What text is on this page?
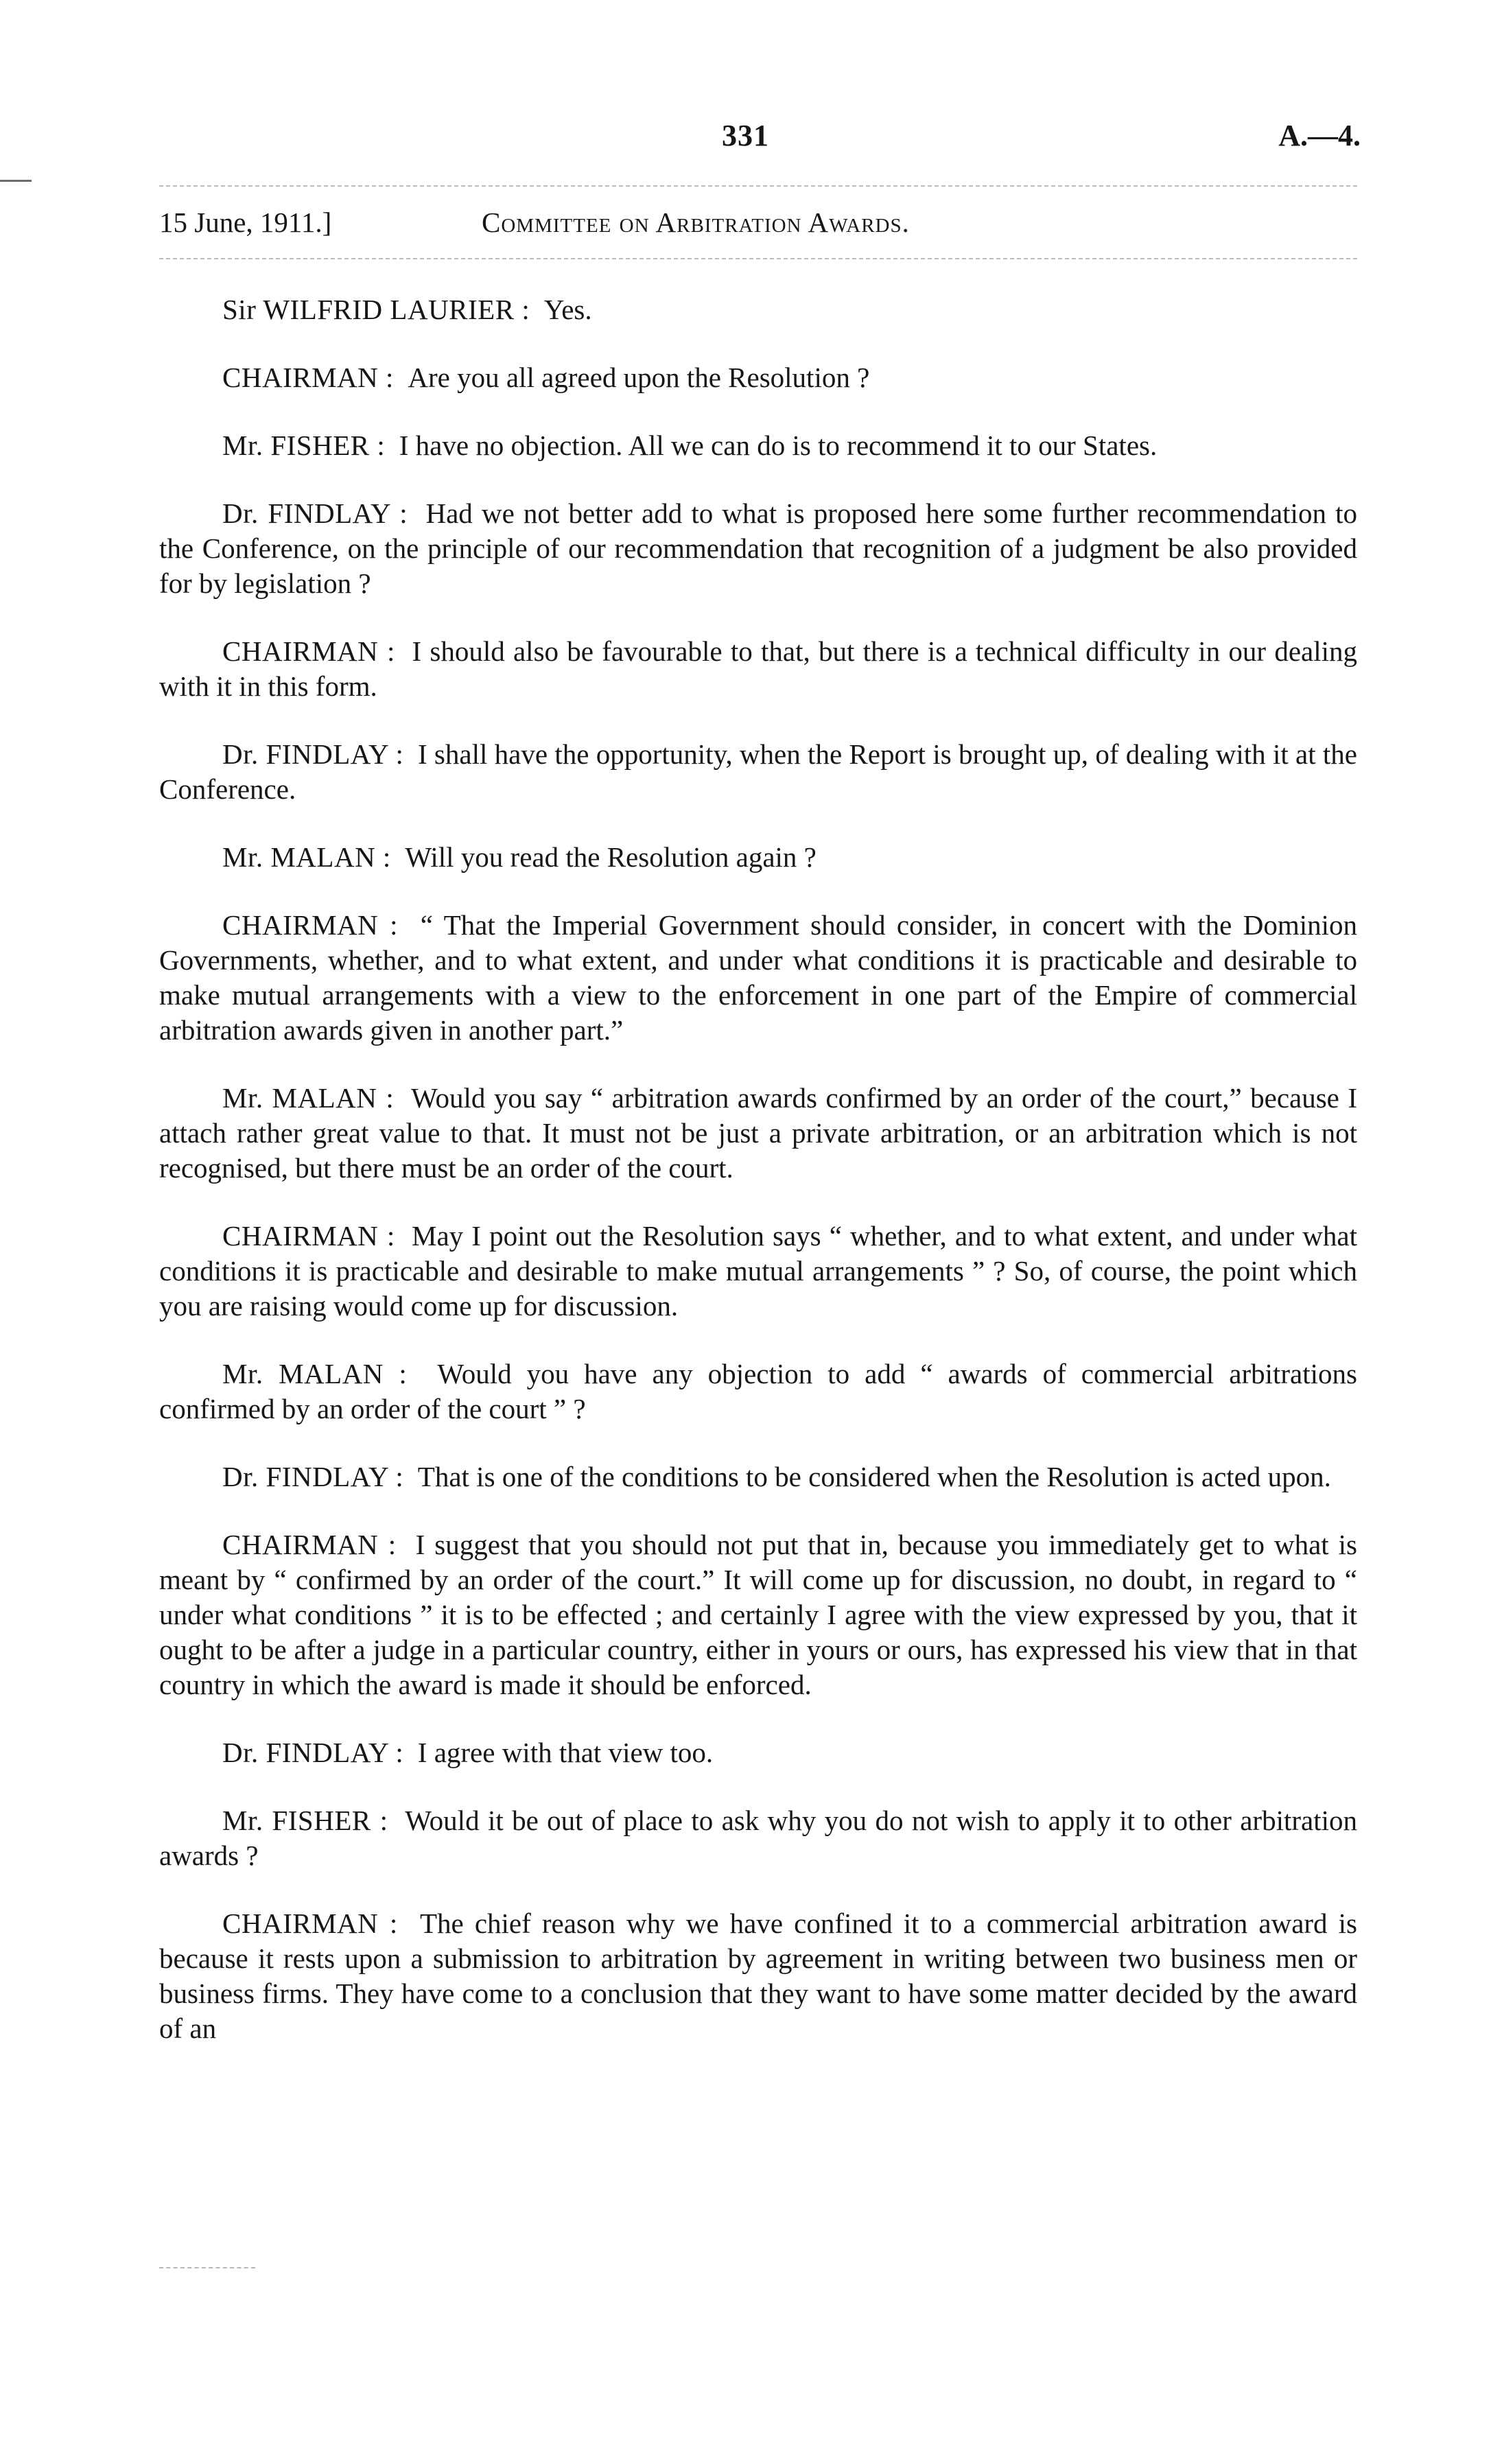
331	A.—4.
15 June, 1911.]	Committee on Arbitration Awards.

Sir WILFRID LAURIER : Yes.

CHAIRMAN : Are you all agreed upon the Resolution ?

Mr. FISHER : I have no objection. All we can do is to recommend it to our States.

Dr. FINDLAY : Had we not better add to what is proposed here some further recommendation to the Conference, on the principle of our recommendation that recognition of a judgment be also provided for by legislation ?

CHAIRMAN : I should also be favourable to that, but there is a technical difficulty in our dealing with it in this form.

Dr. FINDLAY : I shall have the opportunity, when the Report is brought up, of dealing with it at the Conference.

Mr. MALAN : Will you read the Resolution again ?

CHAIRMAN : “ That the Imperial Government should consider, in concert with the Dominion Governments, whether, and to what extent, and under what conditions it is practicable and desirable to make mutual arrangements with a view to the enforcement in one part of the Empire of commercial arbitration awards given in another part.”

Mr. MALAN : Would you say “ arbitration awards confirmed by an order of the court,” because I attach rather great value to that. It must not be just a private arbitration, or an arbitration which is not recognised, but there must be an order of the court.

CHAIRMAN : May I point out the Resolution says “ whether, and to what extent, and under what conditions it is practicable and desirable to make mutual arrangements ” ? So, of course, the point which you are raising would come up for discussion.

Mr. MALAN : Would you have any objection to add “ awards of commercial arbitrations confirmed by an order of the court ” ?

Dr. FINDLAY : That is one of the conditions to be considered when the Resolution is acted upon.

CHAIRMAN : I suggest that you should not put that in, because you immediately get to what is meant by “ confirmed by an order of the court.” It will come up for discussion, no doubt, in regard to “ under what conditions ” it is to be effected ; and certainly I agree with the view expressed by you, that it ought to be after a judge in a particular country, either in yours or ours, has expressed his view that in that country in which the award is made it should be enforced.

Dr. FINDLAY : I agree with that view too.

Mr. FISHER : Would it be out of place to ask why you do not wish to apply it to other arbitration awards ?

CHAIRMAN : The chief reason why we have confined it to a commercial arbitration award is because it rests upon a submission to arbitration by agreement in writing between two business men or business firms. They have come to a conclusion that they want to have some matter decided by the award of an
